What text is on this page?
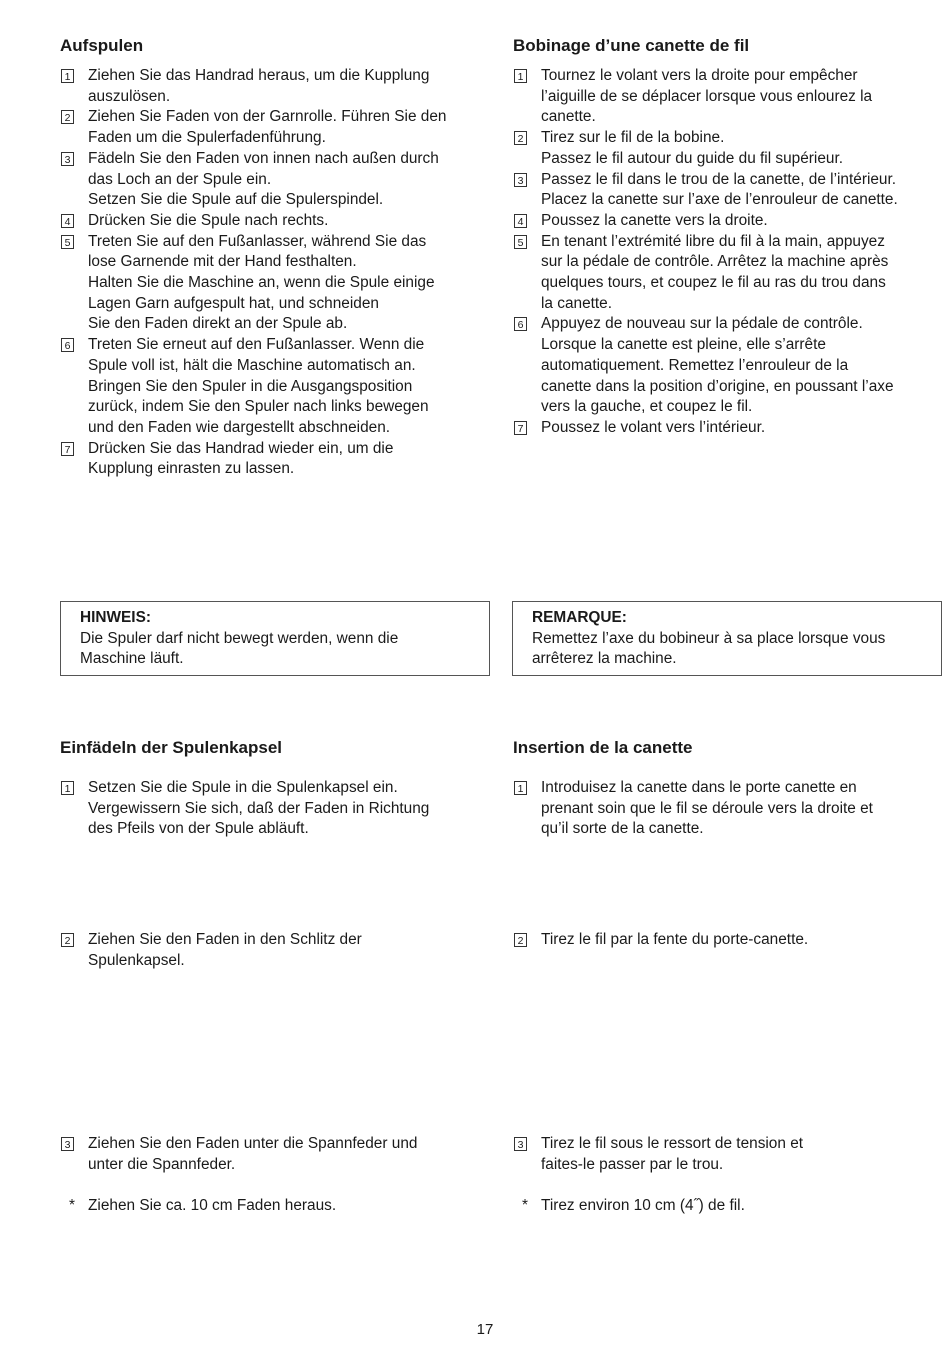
Aufspulen
1 Ziehen Sie das Handrad heraus, um die Kupplung
auszulösen.
2 Ziehen Sie Faden von der Garnrolle. Führen Sie den
Faden um die Spulerfadenführung.
3 Fädeln Sie den Faden von innen nach außen durch
das Loch an der Spule ein.
Setzen Sie die Spule auf die Spulerspindel.
4 Drücken Sie die Spule nach rechts.
5 Treten Sie auf den Fußanlasser, während Sie das
lose Garnende mit der Hand festhalten.
Halten Sie die Maschine an, wenn die Spule einige
Lagen Garn aufgespult hat, und schneiden
Sie den Faden direkt an der Spule ab.
6 Treten Sie erneut auf den Fußanlasser. Wenn die
Spule voll ist, hält die Maschine automatisch an.
Bringen Sie den Spuler in die Ausgangsposition
zurück, indem Sie den Spuler nach links bewegen
und den Faden wie dargestellt abschneiden.
7 Drücken Sie das Handrad wieder ein, um die
Kupplung einrasten zu lassen.
Bobinage d’une canette de fil
1 Tournez le volant vers la droite pour empêcher
l’aiguille de se déplacer lorsque vous enlourez la
canette.
2 Tirez sur le fil de la bobine.
Passez le fil autour du guide du fil supérieur.
3 Passez le fil dans le trou de la canette, de l’intérieur.
Placez la canette sur l’axe de l’enrouleur de canette.
4 Poussez la canette vers la droite.
5 En tenant l’extrémité libre du fil à la main, appuyez
sur la pédale de contrôle. Arrêtez la machine après
quelques tours, et coupez le fil au ras du trou dans
la canette.
6 Appuyez de nouveau sur la pédale de contrôle.
Lorsque la canette est pleine, elle s’arrête
automatiquement. Remettez l’enrouleur de la
canette dans la position d’origine, en poussant l’axe
vers la gauche, et coupez le fil.
7 Poussez le volant vers l’intérieur.
HINWEIS:
Die Spuler darf nicht bewegt werden, wenn die
Maschine läuft.
REMARQUE:
Remettez l’axe du bobineur à sa place lorsque vous
arrêterez la machine.
Einfädeln der Spulenkapsel	Insertion de la canette
1 Setzen Sie die Spule in die Spulenkapsel ein.
Vergewissern Sie sich, daß der Faden in Richtung
des Pfeils von der Spule abläuft.
1 Introduisez la canette dans le porte canette en
prenant soin que le fil se déroule vers la droite et
qu’il sorte de la canette.
2 Ziehen Sie den Faden in den Schlitz der
Spulenkapsel.
2 Tirez le fil par la fente du porte-canette.
3 Ziehen Sie den Faden unter die Spannfeder und
unter die Spannfeder.
3 Tirez le fil sous le ressort de tension et
faites-le passer par le trou.
* Ziehen Sie ca. 10 cm Faden heraus.	* Tirez environ 10 cm (4˝) de fil.
17
